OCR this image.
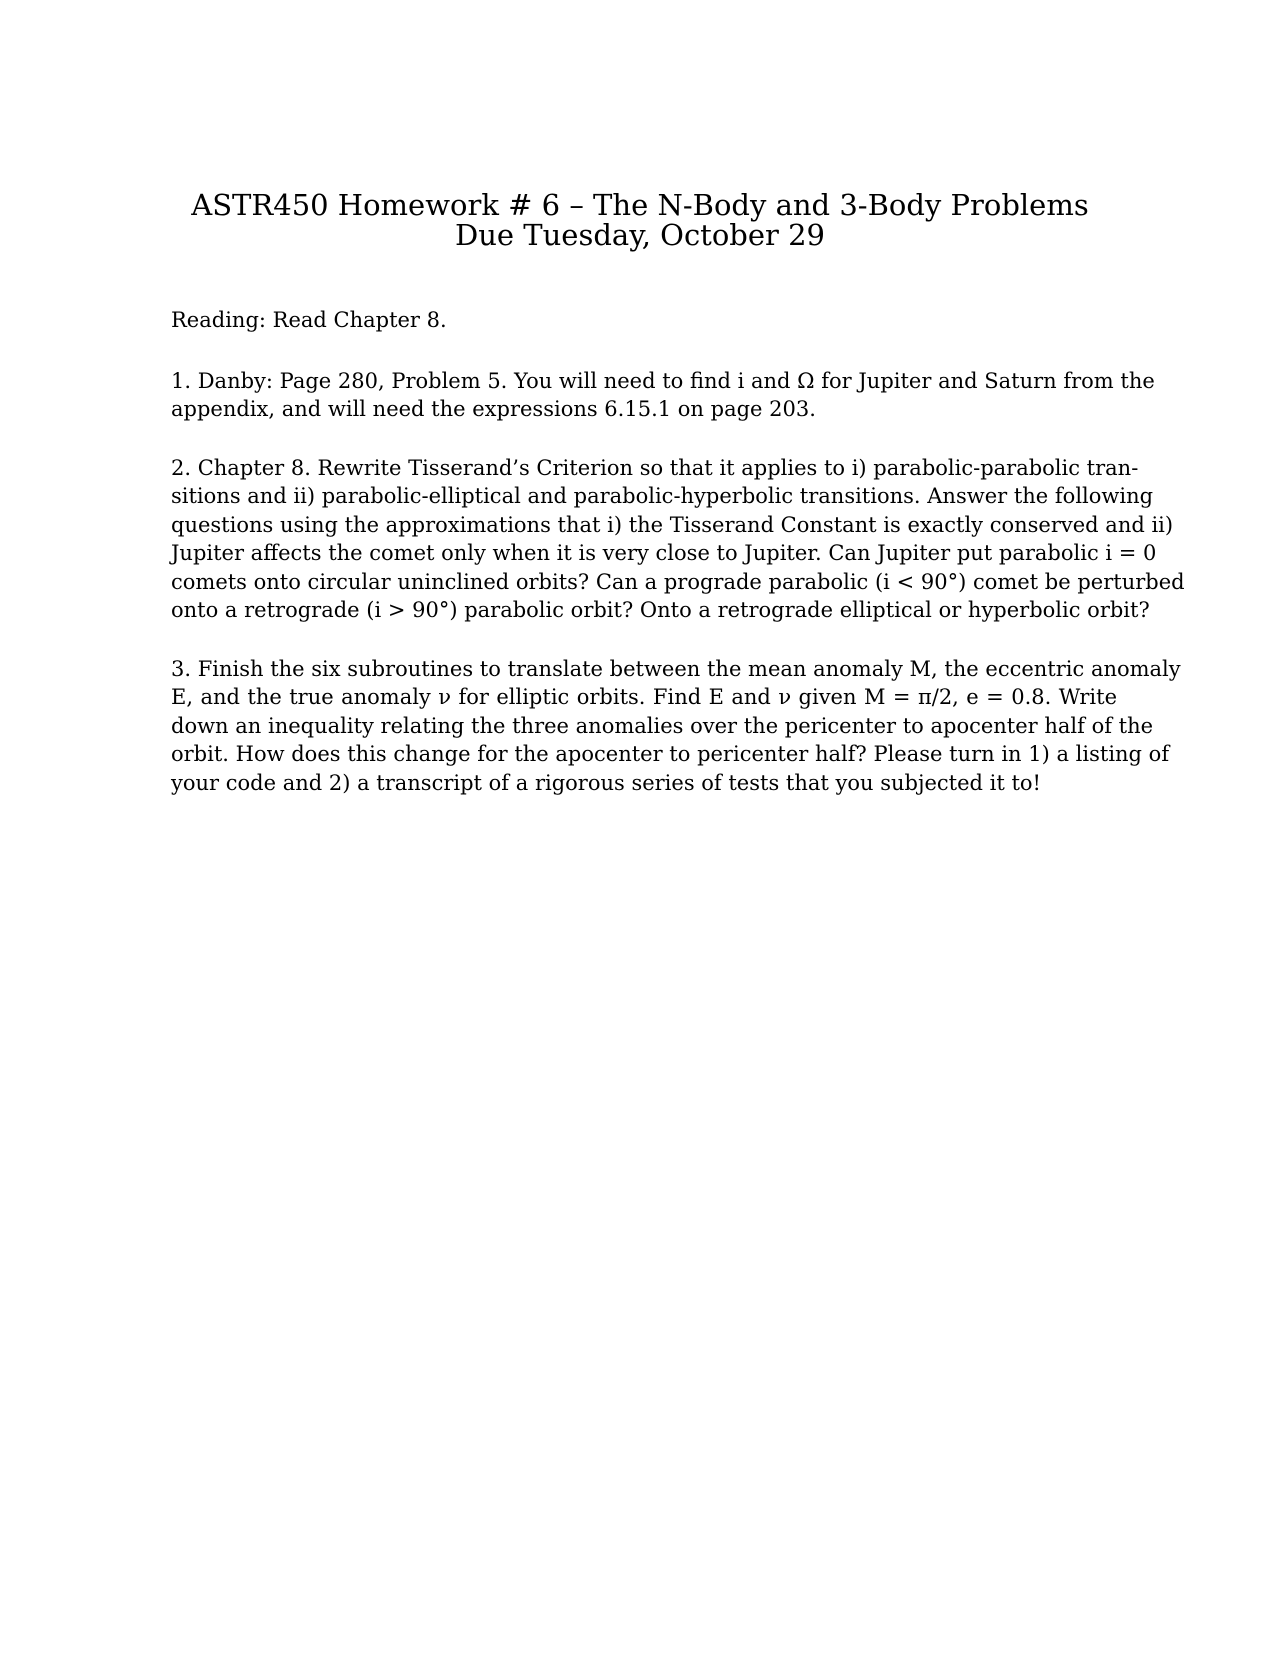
ASTR450 Homework # 6 – The N-Body and 3-Body Problems
Due Tuesday, October 29

Reading: Read Chapter 8.

1. Danby: Page 280, Problem 5. You will need to find i and Ω for Jupiter and Saturn from the
appendix, and will need the expressions 6.15.1 on page 203.

2. Chapter 8. Rewrite Tisserand’s Criterion so that it applies to i) parabolic-parabolic tran-
sitions and ii) parabolic-elliptical and parabolic-hyperbolic transitions. Answer the following
questions using the approximations that i) the Tisserand Constant is exactly conserved and ii)
Jupiter affects the comet only when it is very close to Jupiter. Can Jupiter put parabolic i = 0
comets onto circular uninclined orbits? Can a prograde parabolic (i < 90°) comet be perturbed
onto a retrograde (i > 90°) parabolic orbit? Onto a retrograde elliptical or hyperbolic orbit?

3. Finish the six subroutines to translate between the mean anomaly M, the eccentric anomaly
E, and the true anomaly ν for elliptic orbits. Find E and ν given M = π/2, e = 0.8. Write
down an inequality relating the three anomalies over the pericenter to apocenter half of the
orbit. How does this change for the apocenter to pericenter half? Please turn in 1) a listing of
your code and 2) a transcript of a rigorous series of tests that you subjected it to!
